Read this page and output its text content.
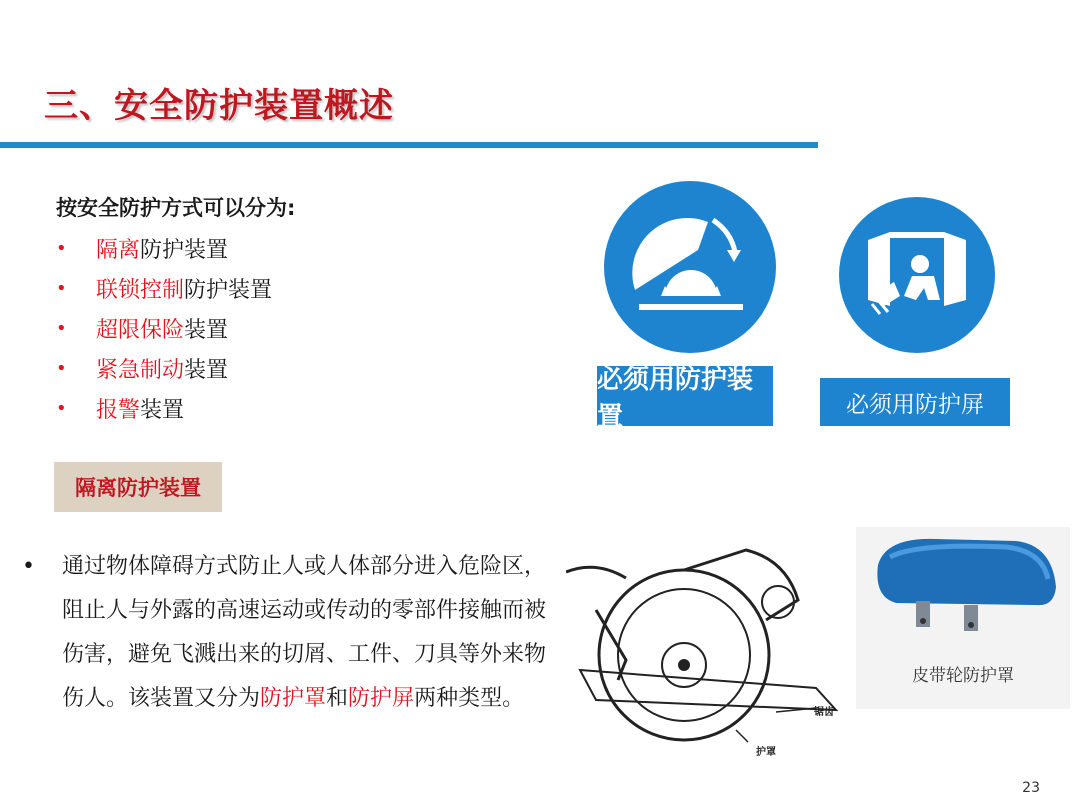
三、安全防护装置概述
按安全防护方式可以分为:
•	隔离 防护装置
•	联锁控制 防护装置
•	超限保险 装置
•	紧急制动 装置
•	报警 装置
隔离防护装置
• 通过物体障碍方式防止人或人体部分进入危险区，阻止人与外露的高速运动或传动的零部件接触而被伤害，避免飞溅出来的切屑、工件、刀具等外来物伤人。该装置又分为防护罩和防护屏两种类型。
必须用防护装置	必须用防护屏
锯齿
护罩
皮带轮防护罩
23
